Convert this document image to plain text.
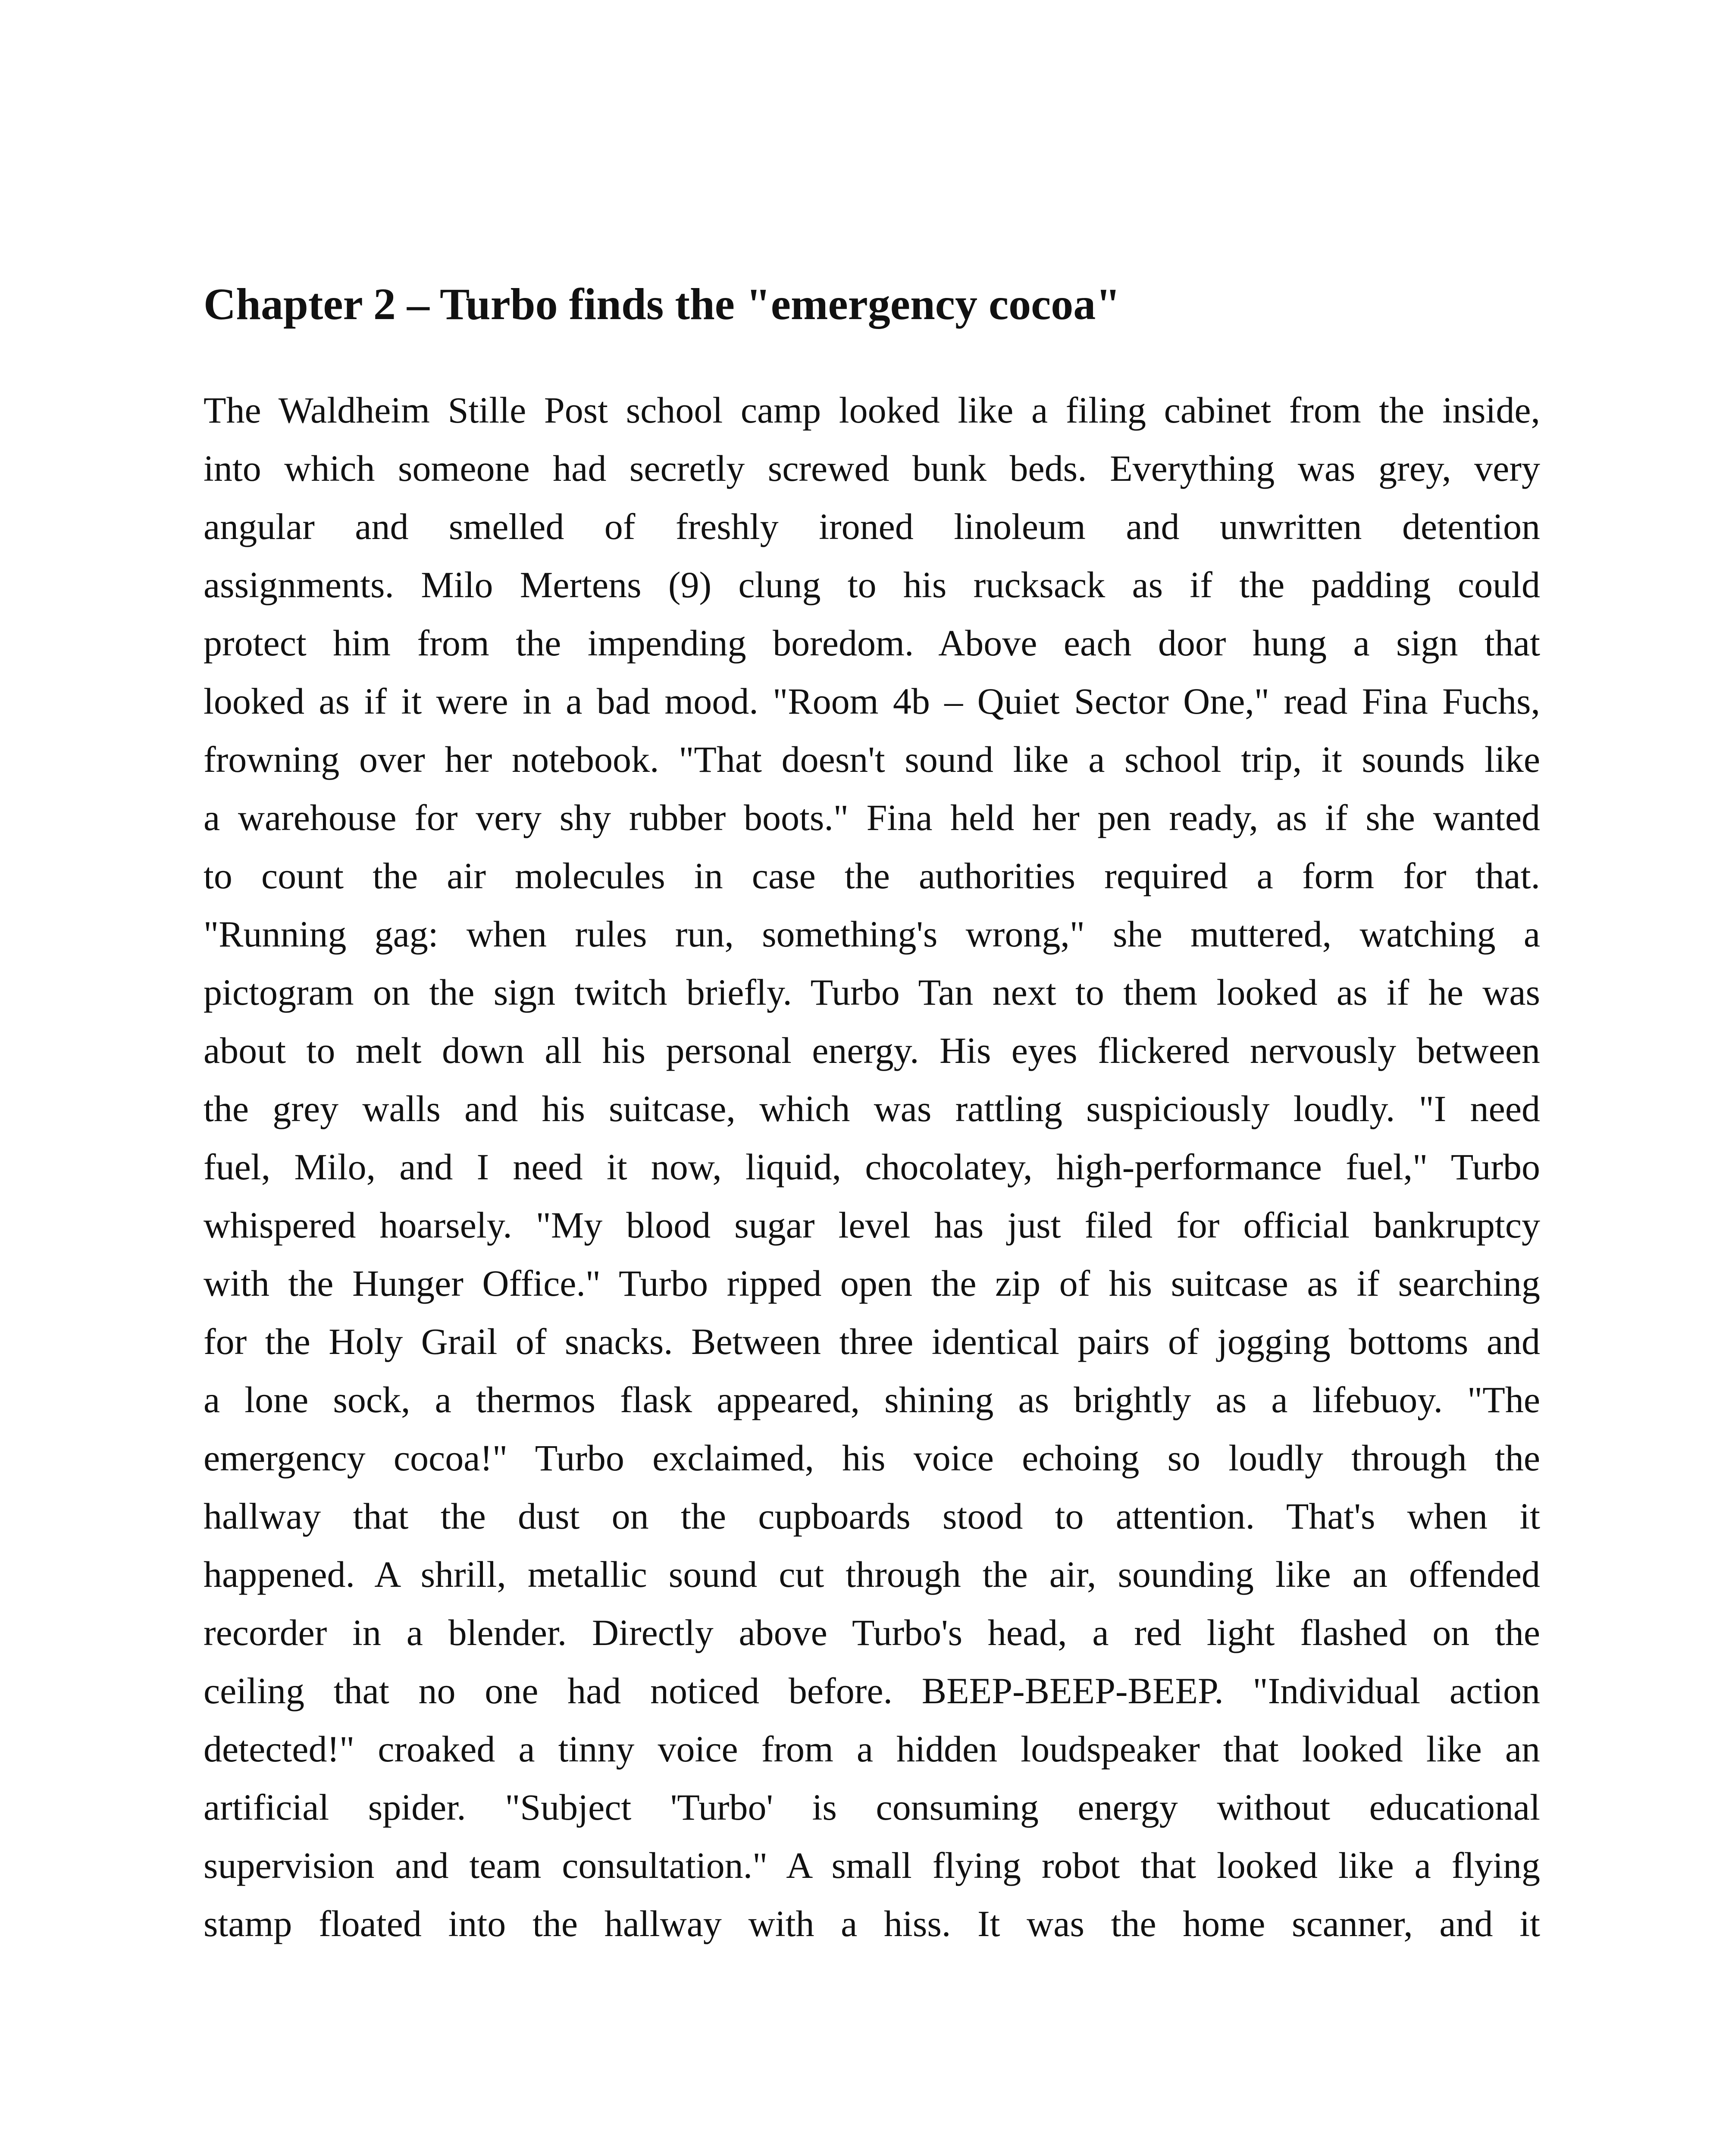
Chapter 2 – Turbo finds the "emergency cocoa"
The Waldheim Stille Post school camp looked like a filing cabinet from the inside,
into which someone had secretly screwed bunk beds. Everything was grey, very
angular and smelled of freshly ironed linoleum and unwritten detention
assignments. Milo Mertens (9) clung to his rucksack as if the padding could
protect him from the impending boredom. Above each door hung a sign that
looked as if it were in a bad mood. "Room 4b – Quiet Sector One," read Fina Fuchs,
frowning over her notebook. "That doesn't sound like a school trip, it sounds like
a warehouse for very shy rubber boots." Fina held her pen ready, as if she wanted
to count the air molecules in case the authorities required a form for that.
"Running gag: when rules run, something's wrong," she muttered, watching a
pictogram on the sign twitch briefly. Turbo Tan next to them looked as if he was
about to melt down all his personal energy. His eyes flickered nervously between
the grey walls and his suitcase, which was rattling suspiciously loudly. "I need
fuel, Milo, and I need it now, liquid, chocolatey, high-performance fuel," Turbo
whispered hoarsely. "My blood sugar level has just filed for official bankruptcy
with the Hunger Office." Turbo ripped open the zip of his suitcase as if searching
for the Holy Grail of snacks. Between three identical pairs of jogging bottoms and
a lone sock, a thermos flask appeared, shining as brightly as a lifebuoy. "The
emergency cocoa!" Turbo exclaimed, his voice echoing so loudly through the
hallway that the dust on the cupboards stood to attention. That's when it
happened. A shrill, metallic sound cut through the air, sounding like an offended
recorder in a blender. Directly above Turbo's head, a red light flashed on the
ceiling that no one had noticed before. BEEP-BEEP-BEEP. "Individual action
detected!" croaked a tinny voice from a hidden loudspeaker that looked like an
artificial spider. "Subject 'Turbo' is consuming energy without educational
supervision and team consultation." A small flying robot that looked like a flying
stamp floated into the hallway with a hiss. It was the home scanner, and it
